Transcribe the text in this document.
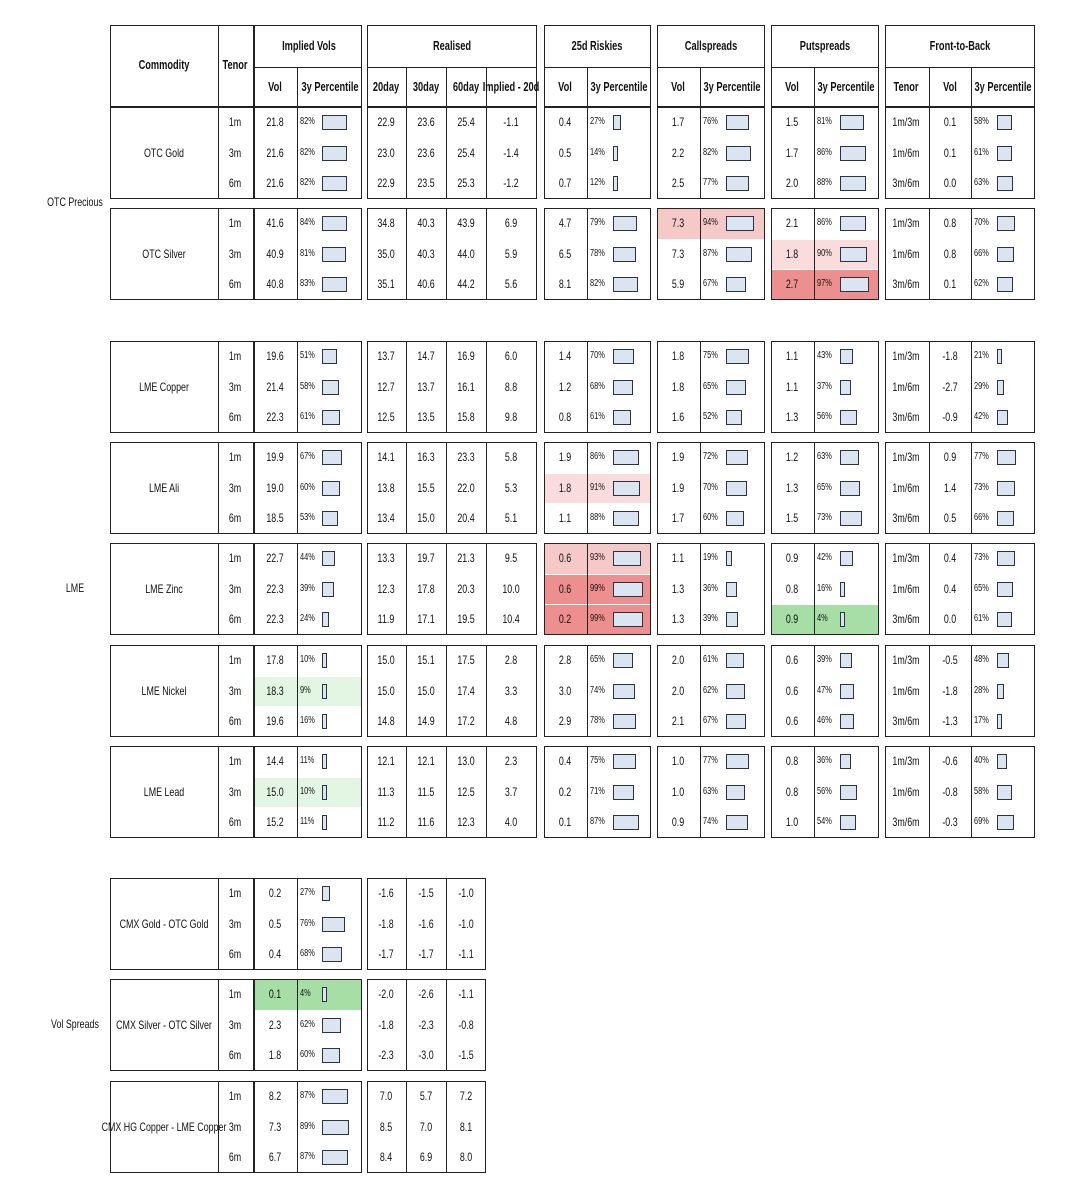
Commodity	Tenor
Implied Vols	Realised	25d Riskies	Callspreads	Putspreads	Front-to-Back
Vol 3y Percentile 20day 30day 60day Implied - 20d Vol 3y Percentile Vol 3y Percentile Vol 3y Percentile Tenor Vol 3y Percentile
OTC Precious
OTC Gold
1m 21.8 82%	22.9 23.6 25.4 -1.1	0.4 27%	1.7 76%	1.5 81%	1m/3m 0.1 58%
3m 21.6 82%	23.0 23.6 25.4 -1.4	0.5 14%	2.2 82%	1.7 86%	1m/6m 0.1 61%
6m 21.6 82%	22.9 23.5 25.3 -1.2	0.7 12%	2.5 77%	2.0 88%	3m/6m 0.0 63%
OTC Silver
1m 41.6 84%	34.8 40.3 43.9	6.9	4.7 79%	7.3 94%	2.1 86%	1m/3m 0.8 70%
3m 40.9 81%	35.0 40.3 44.0	5.9	6.5 78%	7.3 87%	1.8 90%	1m/6m 0.8 66%
6m 40.8 83%	35.1 40.6 44.2	5.6	8.1 82%	5.9 67%	2.7 97%	3m/6m 0.1 62%
LME
LME Copper
1m 19.6 51%	13.7 14.7 16.9	6.0	1.4 70%	1.8 75%	1.1 43%	1m/3m -1.8 21%
3m 21.4 58%	12.7 13.7 16.1	8.8	1.2 68%	1.8 65%	1.1 37%	1m/6m -2.7 29%
6m 22.3 61%	12.5 13.5 15.8	9.8	0.8 61%	1.6 52%	1.3 56%	3m/6m -0.9 42%
LME Ali
1m 19.9 67%	14.1 16.3 23.3	5.8	1.9 86%	1.9 72%	1.2 63%	1m/3m 0.9 77%
3m 19.0 60%	13.8 15.5 22.0	5.3	1.8 91%	1.9 70%	1.3 65%	1m/6m 1.4 73%
6m 18.5 53%	13.4 15.0 20.4	5.1	1.1 88%	1.7 60%	1.5 73%	3m/6m 0.5 66%
LME Zinc
1m 22.7 44%	13.3 19.7 21.3	9.5	0.6 93%	1.1 19%	0.9 42%	1m/3m 0.4 73%
3m 22.3 39%	12.3 17.8 20.3 10.0	0.6 99%	1.3 36%	0.8 16%	1m/6m 0.4 65%
6m 22.3 24%	11.9 17.1 19.5 10.4	0.2 99%	1.3 39%	0.9 4%	3m/6m 0.0 61%
LME Nickel
1m 17.8 10%	15.0 15.1 17.5	2.8	2.8 65%	2.0 61%	0.6 39%	1m/3m -0.5 48%
3m 18.3 9%	15.0 15.0 17.4	3.3	3.0 74%	2.0 62%	0.6 47%	1m/6m -1.8 28%
6m 19.6 16%	14.8 14.9 17.2	4.8	2.9 78%	2.1 67%	0.6 46%	3m/6m -1.3 17%
LME Lead
1m 14.4 11%	12.1 12.1 13.0	2.3	0.4 75%	1.0 77%	0.8 36%	1m/3m -0.6 40%
3m 15.0 10%	11.3 11.5 12.5	3.7	0.2 71%	1.0 63%	0.8 56%	1m/6m -0.8 58%
6m 15.2 11%	11.2 11.6 12.3	4.0	0.1 87%	0.9 74%	1.0 54%	3m/6m -0.3 69%
Vol Spreads
CMX Gold - OTC Gold
1m 0.2 27%	-1.6 -1.5 -1.0
3m 0.5 76%	-1.8 -1.6 -1.0
6m 0.4 68%	-1.7 -1.7 -1.1
CMX Silver - OTC Silver
1m 0.1 4%	-2.0 -2.6 -1.1
3m 2.3 62%	-1.8 -2.3 -0.8
6m 1.8 60%	-2.3 -3.0 -1.5
CMX HG Copper - LME Copper
1m 8.2 87%	7.0 5.7 7.2
3m 7.3 89%	8.5 7.0 8.1
6m 6.7 87%	8.4 6.9 8.0
